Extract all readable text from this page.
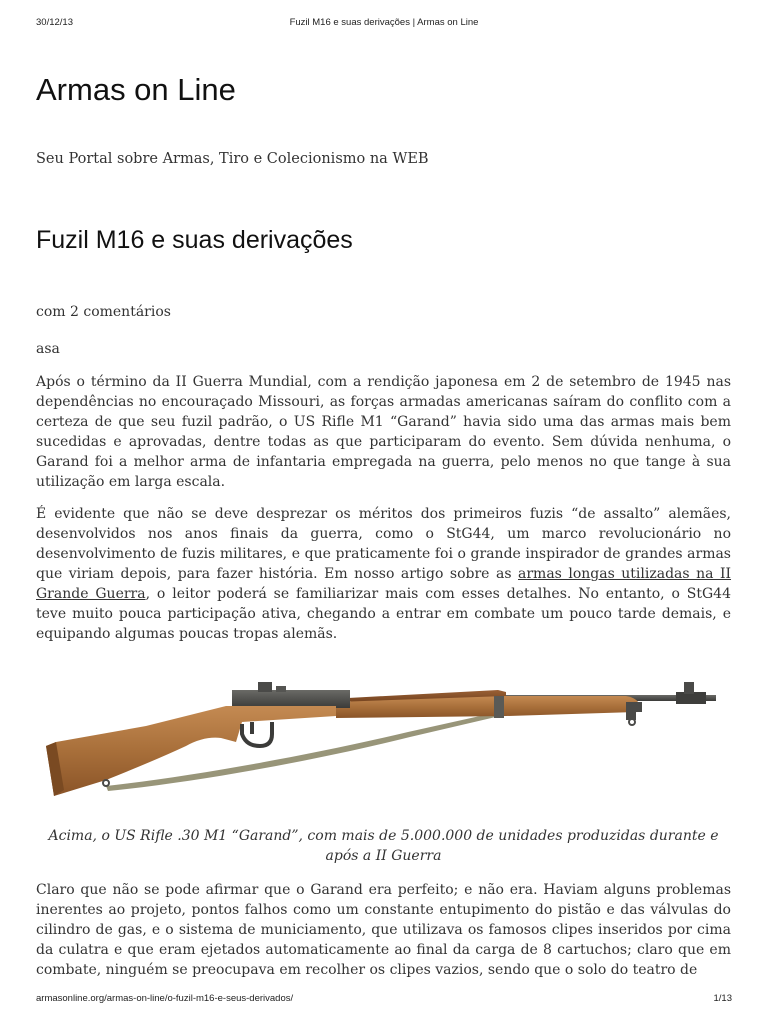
30/12/13	Fuzil M16 e suas derivações | Armas on Line
Armas on Line
Seu Portal sobre Armas, Tiro e Colecionismo na WEB
Fuzil M16 e suas derivações
com 2 comentários
asa

Após o término da II Guerra Mundial, com a rendição japonesa em 2 de setembro de 1945 nas dependências no encouraçado Missouri, as forças armadas americanas saíram do conflito com a certeza de que seu fuzil padrão, o US Rifle M1 “Garand” havia sido uma das armas mais bem sucedidas e aprovadas, dentre todas as que participaram do evento. Sem dúvida nenhuma, o Garand foi a melhor arma de infantaria empregada na guerra, pelo menos no que tange à sua utilização em larga escala.

É evidente que não se deve desprezar os méritos dos primeiros fuzis “de assalto” alemães, desenvolvidos nos anos finais da guerra, como o StG44, um marco revolucionário no desenvolvimento de fuzis militares, e que praticamente foi o grande inspirador de grandes armas que viriam depois, para fazer história. Em nosso artigo sobre as armas longas utilizadas na II Grande Guerra, o leitor poderá se familiarizar mais com esses detalhes. No entanto, o StG44 teve muito pouca participação ativa, chegando a entrar em combate um pouco tarde demais, e equipando algumas poucas tropas alemãs.

Acima, o US Rifle .30 M1 “Garand”, com mais de 5.000.000 de unidades produzidas durante e após a II Guerra

Claro que não se pode afirmar que o Garand era perfeito; e não era. Haviam alguns problemas inerentes ao projeto, pontos falhos como um constante entupimento do pistão e das válvulas do cilindro de gas, e o sistema de municiamento, que utilizava os famosos clipes inseridos por cima da culatra e que eram ejetados automaticamente ao final da carga de 8 cartuchos; claro que em combate, ninguém se preocupava em recolher os clipes vazios, sendo que o solo do teatro de

armasonline.org/armas-on-line/o-fuzil-m16-e-seus-derivados/	1/13
